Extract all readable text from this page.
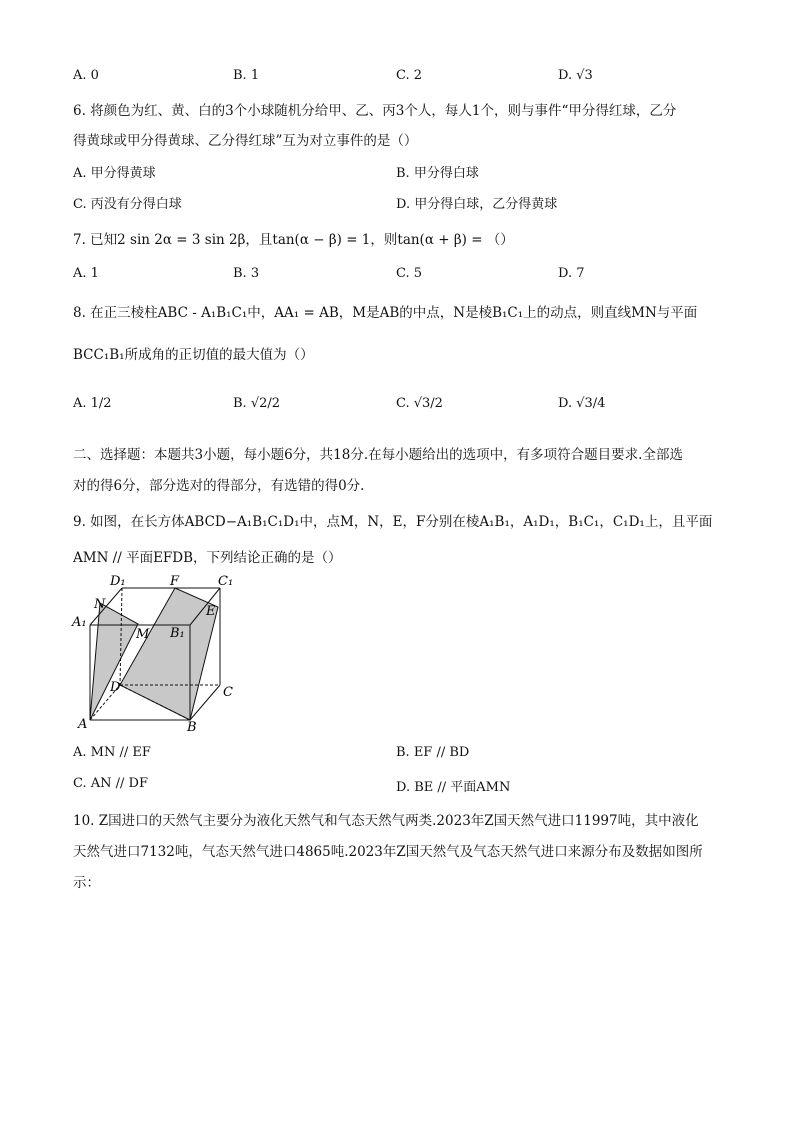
A. 0	B. 1	C. 2	D. √3
6. 将颜色为红、黄、白的3个小球随机分给甲、乙、丙3个人，每人1个，则与事件“甲分得红球，乙分
得黄球或甲分得黄球、乙分得红球”互为对立事件的是（）
A. 甲分得黄球	B. 甲分得白球
C. 丙没有分得白球	D. 甲分得白球，乙分得黄球
7. 已知2 sin 2α = 3 sin 2β，且tan(α − β) = 1，则tan(α + β) = （）
A. 1	B. 3	C. 5	D. 7
8. 在正三棱柱ABC - A₁B₁C₁中，AA₁ = AB，M是AB的中点，N是棱B₁C₁上的动点，则直线MN与平面
BCC₁B₁所成角的正切值的最大值为（）
A. 1/2	B. √2/2	C. √3/2	D. √3/4
二、选择题：本题共3小题，每小题6分，共18分.在每小题给出的选项中，有多项符合题目要求.全部选
对的得6分，部分选对的得部分，有选错的得0分.
9. 如图，在长方体ABCD−A₁B₁C₁D₁中，点M，N，E，F分别在棱A₁B₁，A₁D₁，B₁C₁，C₁D₁上，且平面
AMN // 平面EFDB，下列结论正确的是（）
D₁	F	C₁
N	E
A₁
M B₁
D	C
A	B
A. MN // EF	B. EF // BD
C. AN // DF	D. BE // 平面AMN
10. Z国进口的天然气主要分为液化天然气和气态天然气两类.2023年Z国天然气进口11997吨，其中液化
天然气进口7132吨，气态天然气进口4865吨.2023年Z国天然气及气态天然气进口来源分布及数据如图所
示：
